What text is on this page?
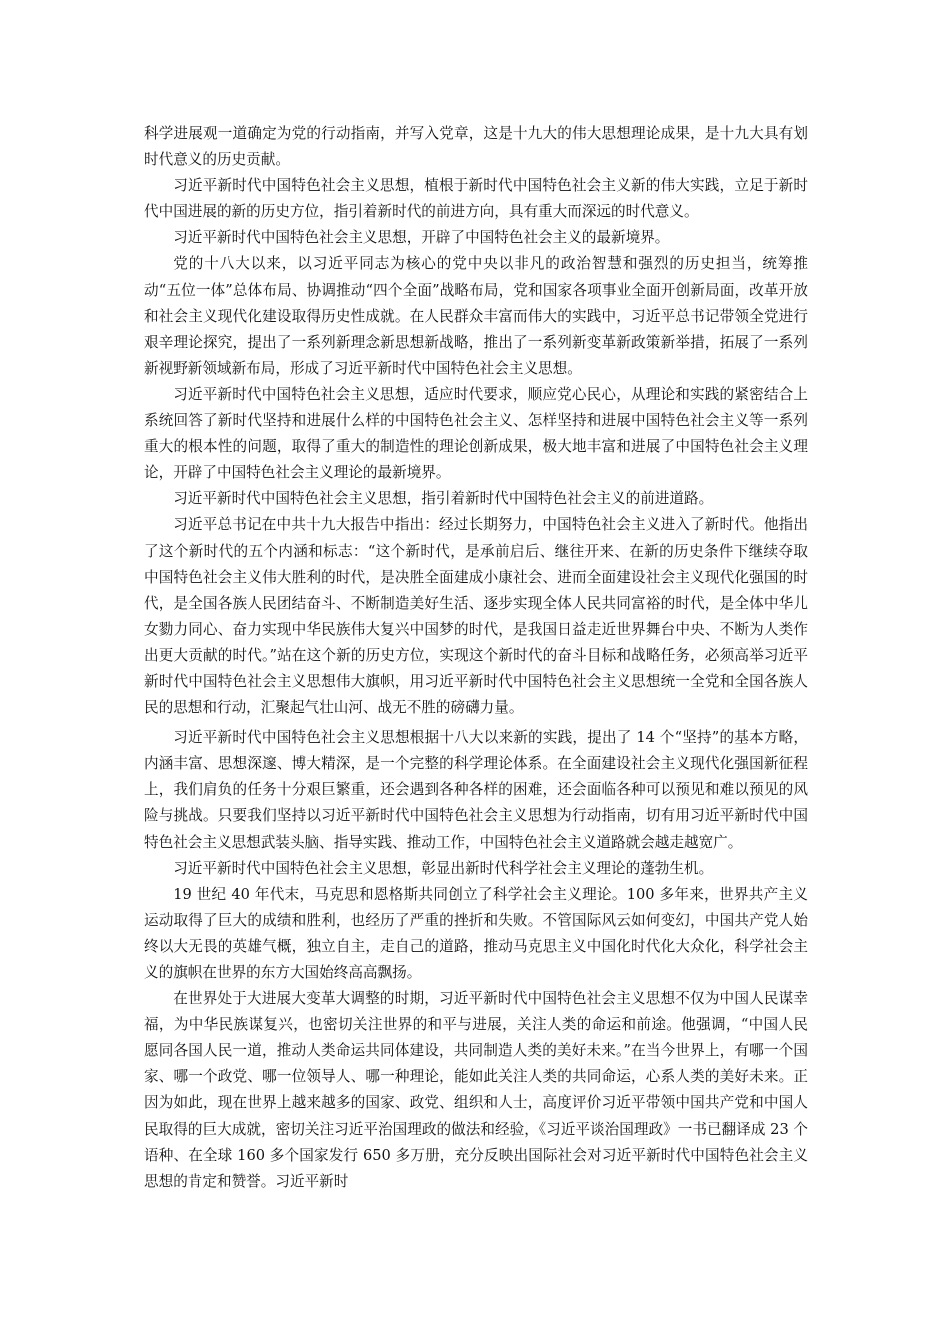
科学进展观一道确定为党的行动指南，并写入党章，这是十九大的伟大思想理论成果，是十九大具有划时代意义的历史贡献。

习近平新时代中国特色社会主义思想，植根于新时代中国特色社会主义新的伟大实践，立足于新时代中国进展的新的历史方位，指引着新时代的前进方向，具有重大而深远的时代意义。

习近平新时代中国特色社会主义思想，开辟了中国特色社会主义的最新境界。

党的十八大以来，以习近平同志为核心的党中央以非凡的政治智慧和强烈的历史担当，统筹推动“五位一体”总体布局、协调推动“四个全面”战略布局，党和国家各项事业全面开创新局面，改革开放和社会主义现代化建设取得历史性成就。在人民群众丰富而伟大的实践中，习近平总书记带领全党进行艰辛理论探究，提出了一系列新理念新思想新战略，推出了一系列新变革新政策新举措，拓展了一系列新视野新领域新布局，形成了习近平新时代中国特色社会主义思想。

习近平新时代中国特色社会主义思想，适应时代要求，顺应党心民心，从理论和实践的紧密结合上系统回答了新时代坚持和进展什么样的中国特色社会主义、怎样坚持和进展中国特色社会主义等一系列重大的根本性的问题，取得了重大的制造性的理论创新成果，极大地丰富和进展了中国特色社会主义理论，开辟了中国特色社会主义理论的最新境界。

习近平新时代中国特色社会主义思想，指引着新时代中国特色社会主义的前进道路。

习近平总书记在中共十九大报告中指出：经过长期努力，中国特色社会主义进入了新时代。他指出了这个新时代的五个内涵和标志：“这个新时代，是承前启后、继往开来、在新的历史条件下继续夺取中国特色社会主义伟大胜利的时代，是决胜全面建成小康社会、进而全面建设社会主义现代化强国的时代，是全国各族人民团结奋斗、不断制造美好生活、逐步实现全体人民共同富裕的时代，是全体中华儿女勠力同心、奋力实现中华民族伟大复兴中国梦的时代，是我国日益走近世界舞台中央、不断为人类作出更大贡献的时代。”站在这个新的历史方位，实现这个新时代的奋斗目标和战略任务，必须高举习近平新时代中国特色社会主义思想伟大旗帜，用习近平新时代中国特色社会主义思想统一全党和全国各族人民的思想和行动，汇聚起气壮山河、战无不胜的磅礴力量。

习近平新时代中国特色社会主义思想根据十八大以来新的实践，提出了 14 个“坚持”的基本方略，内涵丰富、思想深邃、博大精深，是一个完整的科学理论体系。在全面建设社会主义现代化强国新征程上，我们肩负的任务十分艰巨繁重，还会遇到各种各样的困难，还会面临各种可以预见和难以预见的风险与挑战。只要我们坚持以习近平新时代中国特色社会主义思想为行动指南，切有用习近平新时代中国特色社会主义思想武装头脑、指导实践、推动工作，中国特色社会主义道路就会越走越宽广。

习近平新时代中国特色社会主义思想，彰显出新时代科学社会主义理论的蓬勃生机。

19 世纪 40 年代末，马克思和恩格斯共同创立了科学社会主义理论。100 多年来，世界共产主义运动取得了巨大的成绩和胜利，也经历了严重的挫折和失败。不管国际风云如何变幻，中国共产党人始终以大无畏的英雄气概，独立自主，走自己的道路，推动马克思主义中国化时代化大众化，科学社会主义的旗帜在世界的东方大国始终高高飘扬。

在世界处于大进展大变革大调整的时期，习近平新时代中国特色社会主义思想不仅为中国人民谋幸福，为中华民族谋复兴，也密切关注世界的和平与进展，关注人类的命运和前途。他强调，“中国人民愿同各国人民一道，推动人类命运共同体建设，共同制造人类的美好未来。”在当今世界上，有哪一个国家、哪一个政党、哪一位领导人、哪一种理论，能如此关注人类的共同命运，心系人类的美好未来。正因为如此，现在世界上越来越多的国家、政党、组织和人士，高度评价习近平带领中国共产党和中国人民取得的巨大成就，密切关注习近平治国理政的做法和经验，《习近平谈治国理政》一书已翻译成 23 个语种、在全球 160 多个国家发行 650 多万册，充分反映出国际社会对习近平新时代中国特色社会主义思想的肯定和赞誉。习近平新时
